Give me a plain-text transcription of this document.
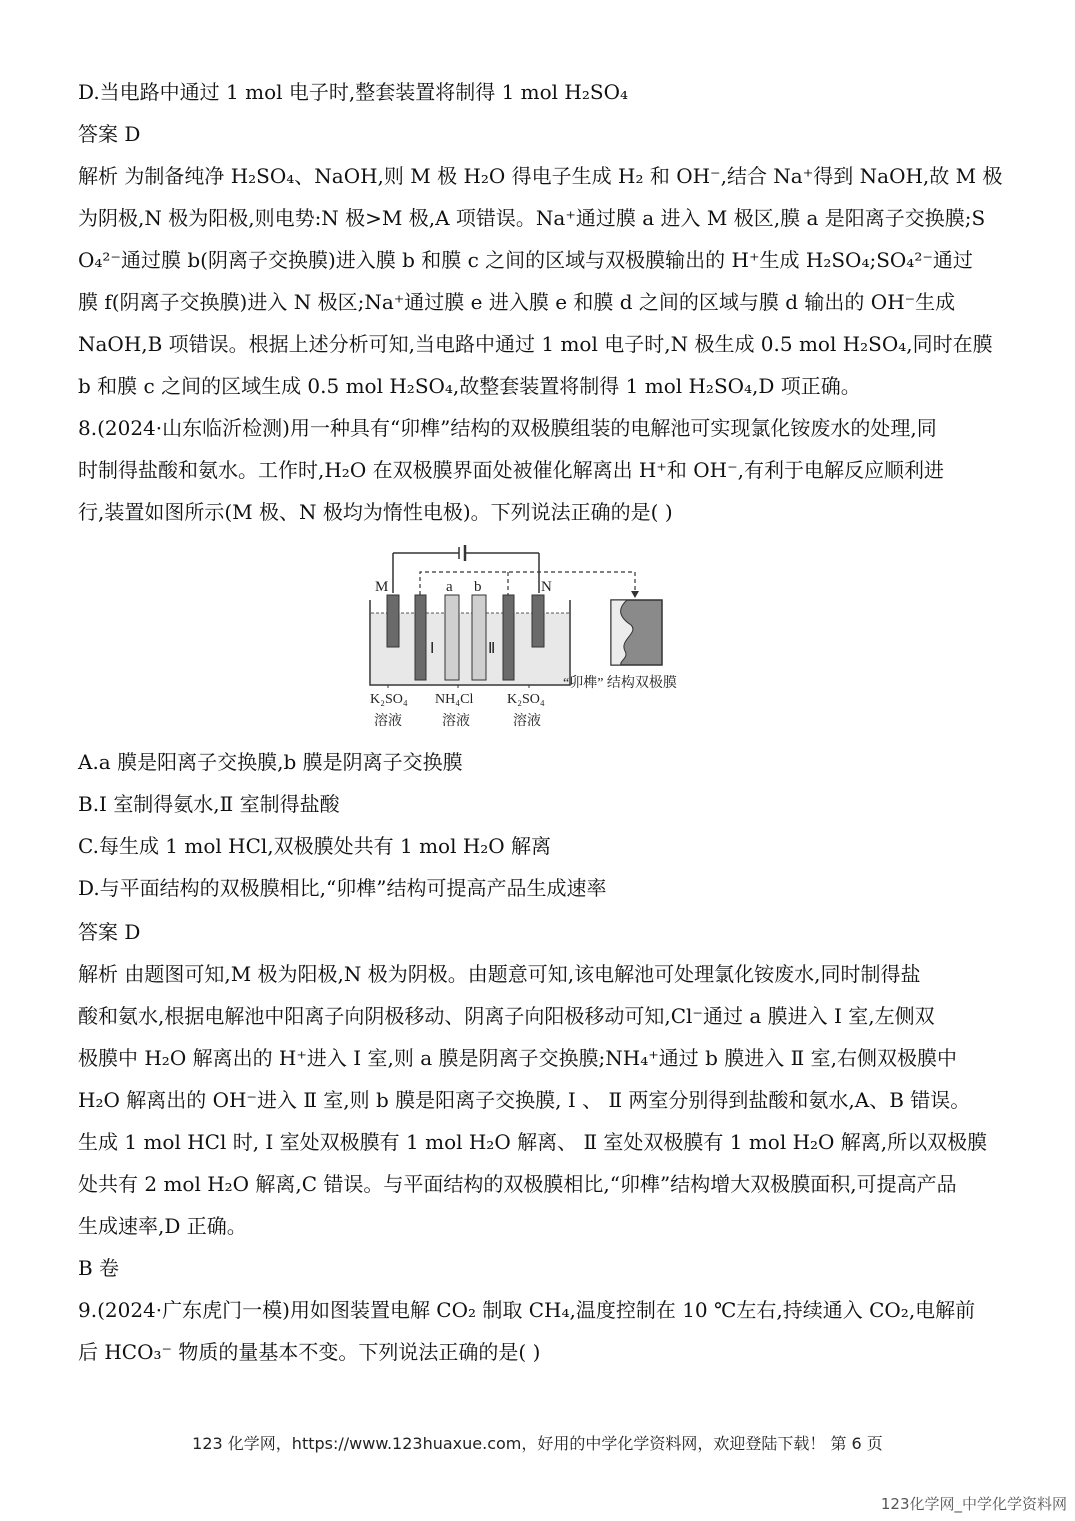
D.当电路中通过 1 mol 电子时,整套装置将制得 1 mol H₂SO₄
答案 D
解析 为制备纯净 H₂SO₄、NaOH,则 M 极 H₂O 得电子生成 H₂ 和 OH⁻,结合 Na⁺得到 NaOH,故 M 极
为阴极,N 极为阳极,则电势:N 极>M 极,A 项错误。Na⁺通过膜 a 进入 M 极区,膜 a 是阳离子交换膜;S
O₄²⁻通过膜 b(阴离子交换膜)进入膜 b 和膜 c 之间的区域与双极膜输出的 H⁺生成 H₂SO₄;SO₄²⁻通过
膜 f(阴离子交换膜)进入 N 极区;Na⁺通过膜 e 进入膜 e 和膜 d 之间的区域与膜 d 输出的 OH⁻生成
NaOH,B 项错误。根据上述分析可知,当电路中通过 1 mol 电子时,N 极生成 0.5 mol H₂SO₄,同时在膜
b 和膜 c 之间的区域生成 0.5 mol H₂SO₄,故整套装置将制得 1 mol H₂SO₄,D 项正确。
8.(2024·山东临沂检测)用一种具有“卯榫”结构的双极膜组装的电解池可实现氯化铵废水的处理,同
时制得盐酸和氨水。工作时,H₂O 在双极膜界面处被催化解离出 H⁺和 OH⁻,有利于电解反应顺利进
行,装置如图所示(M 极、N 极均为惰性电极)。下列说法正确的是( )
M	N
a b
Ⅰ	Ⅱ
K₂SO₄
溶液
NH₄Cl
溶液
K₂SO₄
溶液
“卯榫” 结构双极膜
A.a 膜是阳离子交换膜,b 膜是阴离子交换膜
B.Ⅰ 室制得氨水,Ⅱ 室制得盐酸
C.每生成 1 mol HCl,双极膜处共有 1 mol H₂O 解离
D.与平面结构的双极膜相比,“卯榫”结构可提高产品生成速率
答案 D
解析 由题图可知,M 极为阳极,N 极为阴极。由题意可知,该电解池可处理氯化铵废水,同时制得盐
酸和氨水,根据电解池中阳离子向阴极移动、阴离子向阳极移动可知,Cl⁻通过 a 膜进入 Ⅰ 室,左侧双
极膜中 H₂O 解离出的 H⁺进入 Ⅰ 室,则 a 膜是阴离子交换膜;NH₄⁺通过 b 膜进入 Ⅱ 室,右侧双极膜中
H₂O 解离出的 OH⁻进入 Ⅱ 室,则 b 膜是阳离子交换膜, Ⅰ 、 Ⅱ 两室分别得到盐酸和氨水,A、B 错误。
生成 1 mol HCl 时, Ⅰ 室处双极膜有 1 mol H₂O 解离、 Ⅱ 室处双极膜有 1 mol H₂O 解离,所以双极膜
处共有 2 mol H₂O 解离,C 错误。与平面结构的双极膜相比,“卯榫”结构增大双极膜面积,可提高产品
生成速率,D 正确。
B 卷
9.(2024·广东虎门一模)用如图装置电解 CO₂ 制取 CH₄,温度控制在 10 ℃左右,持续通入 CO₂,电解前
后 HCO₃⁻ 物质的量基本不变。下列说法正确的是( )
123 化学网，https://www.123huaxue.com，好用的中学化学资料网，欢迎登陆下载！ 第 6 页
123化学网_中学化学资料网
